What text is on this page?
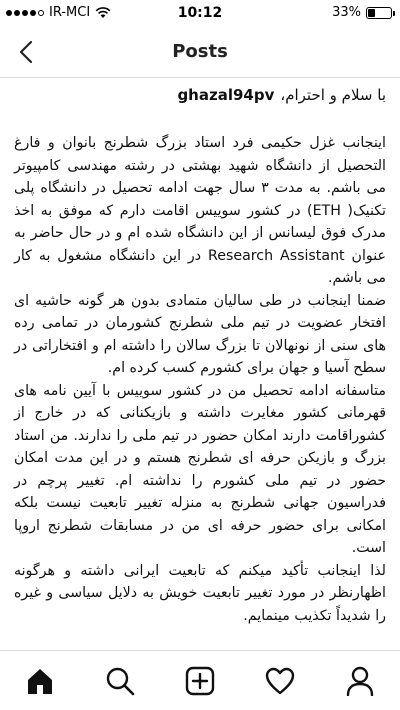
IR-MCI	10:12	33%
Posts
با سلام و احترام،
ghazal94pv

اینجانب غزل حکیمی فرد استاد بزرگ شطرنج بانوان و فارغ التحصیل از دانشگاه شهید بهشتی در رشته مهندسی کامپیوتر می باشم. به مدت ۳ سال جهت ادامه تحصیل در دانشگاه پلی تکنیک( ETH) در کشور سوییس اقامت دارم که موفق به اخذ مدرک فوق لیسانس از این دانشگاه شده ام و در حال حاضر به عنوان Research Assistant در این دانشگاه مشغول به کار می باشم.

ضمنا اینجانب در طی سالیان متمادی بدون هر گونه حاشیه ای افتخار عضویت در تیم ملی شطرنج کشورمان در تمامی رده های سنی از نونهالان تا بزرگ سالان را داشته ام و افتخاراتی در سطح آسیا و جهان برای کشورم کسب کرده ام.

متاسفانه ادامه تحصیل من در کشور سوییس با آیین نامه های قهرمانی کشور مغایرت داشته و بازیکنانی که در خارج از کشوراقامت دارند امکان حضور در تیم ملی را ندارند. من استاد بزرگ و بازیکن حرفه ای شطرنج هستم و در این مدت امکان حضور در تیم ملی کشورم را نداشته ام. تغییر پرچم در فدراسیون جهانی شطرنج به منزله تغییر تابعیت نیست بلکه امکانی برای حضور حرفه ای من در مسابقات شطرنج اروپا است.

لذا اینجانب تأکید میکنم که تابعیت ایرانی داشته و هرگونه اظهارنظر در مورد تغییر تابعیت خویش به دلایل سیاسی و غیره را شدیداً تکذیب مینمایم.
